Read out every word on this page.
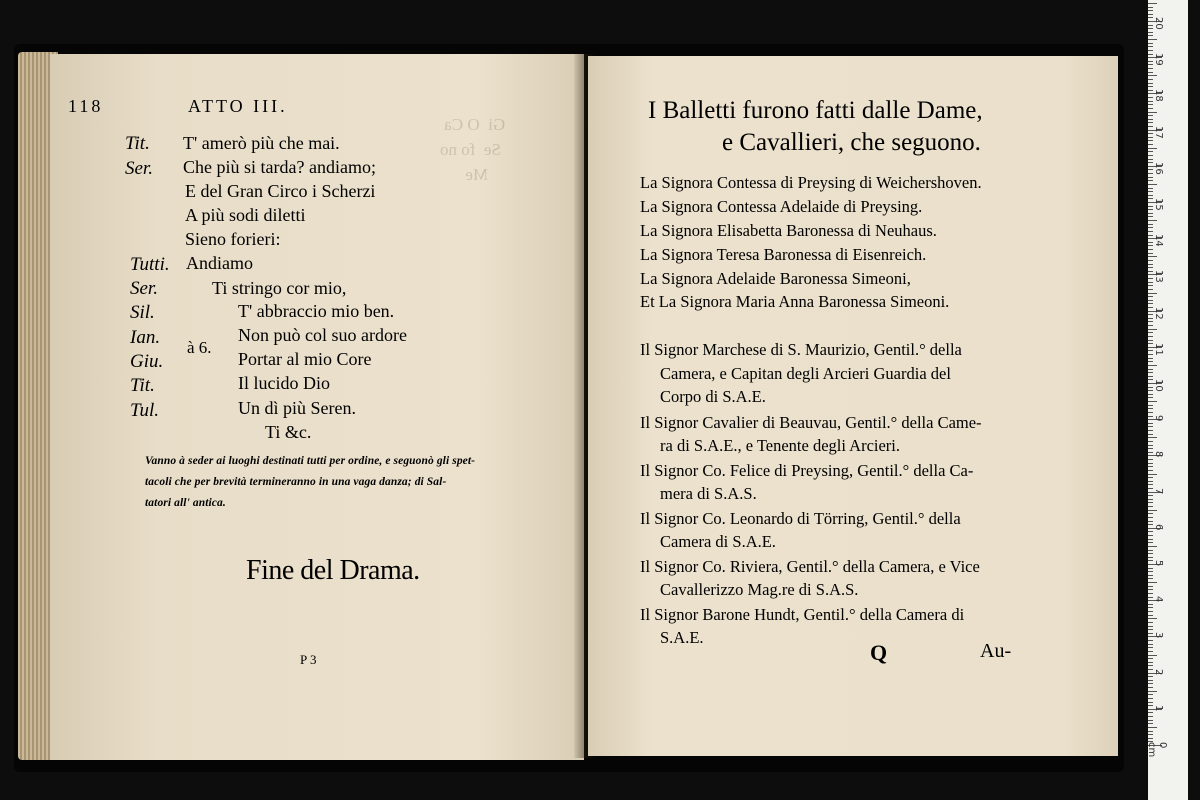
Gi  O Ca
Se  fo no
Me

118	ATTO III.
Tit. T' amerò più che mai.
Ser. Che più si tarda? andiamo;
E del Gran Circo i Scherzi
A più sodi diletti
Sieno forieri:
Tutti. Andiamo
Ser.	Ti stringo cor mio,
Sil.	T' abbraccio mio ben.
Ian.	Non può col suo ardore
Giu.	Portar al mio Core
Tit.	Il lucido Dio
Tul.	Un dì più Seren.
Ti &c.
à 6.
Vanno à seder ai luoghi destinati tutti per ordine, e seguonò gli spet-
tacoli che per brevità termineranno in una vaga danza; di Sal-
tatori all' antica.
Fine del Drama.
P 3
I Balletti furono fatti dalle Dame,
e Cavallieri, che seguono.
La Signora Contessa di Preysing di Weichershoven.
La Signora Contessa Adelaide di Preysing.
La Signora Elisabetta Baronessa di Neuhaus.
La Signora Teresa Baronessa di Eisenreich.
La Signora Adelaide Baronessa Simeoni,
Et La Signora Maria Anna Baronessa Simeoni.
Il Signor Marchese di S. Maurizio, Gentil.° della
Camera, e Capitan degli Arcieri Guardia del
Corpo di S.A.E.
Il Signor Cavalier di Beauvau, Gentil.° della Came-
ra di S.A.E., e Tenente degli Arcieri.
Il Signor Co. Felice di Preysing, Gentil.° della Ca-
mera di S.A.S.
Il Signor Co. Leonardo di Törring, Gentil.° della
Camera di S.A.E.
Il Signor Co. Riviera, Gentil.° della Camera, e Vice
Cavallerizzo Mag.re di S.A.S.
Il Signor Barone Hundt, Gentil.° della Camera di
S.A.E.
Q	Au-
1
2
3
4
5
6
7
8
9
10
11
12
13
14
15
16
17
18
19
20
0 cm
